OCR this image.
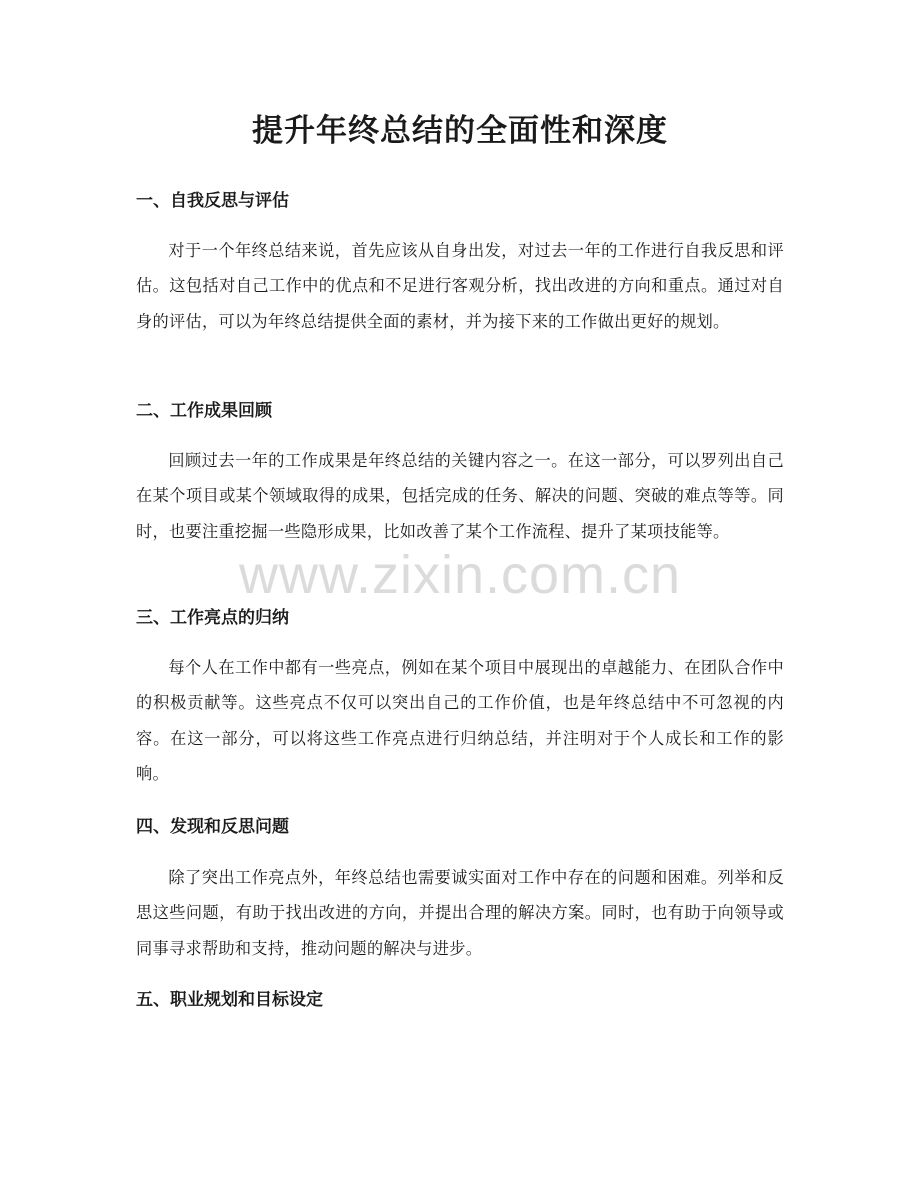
提升年终总结的全面性和深度
一、自我反思与评估

对于一个年终总结来说，首先应该从自身出发，对过去一年的工作进行自我反思和评估。这包括对自己工作中的优点和不足进行客观分析，找出改进的方向和重点。通过对自身的评估，可以为年终总结提供全面的素材，并为接下来的工作做出更好的规划。

二、工作成果回顾

回顾过去一年的工作成果是年终总结的关键内容之一。在这一部分，可以罗列出自己在某个项目或某个领域取得的成果，包括完成的任务、解决的问题、突破的难点等等。同时，也要注重挖掘一些隐形成果，比如改善了某个工作流程、提升了某项技能等。

三、工作亮点的归纳

每个人在工作中都有一些亮点，例如在某个项目中展现出的卓越能力、在团队合作中的积极贡献等。这些亮点不仅可以突出自己的工作价值，也是年终总结中不可忽视的内容。在这一部分，可以将这些工作亮点进行归纳总结，并注明对于个人成长和工作的影响。

四、发现和反思问题

除了突出工作亮点外，年终总结也需要诚实面对工作中存在的问题和困难。列举和反思这些问题，有助于找出改进的方向，并提出合理的解决方案。同时，也有助于向领导或同事寻求帮助和支持，推动问题的解决与进步。

五、职业规划和目标设定
www.zixin.com.cn
